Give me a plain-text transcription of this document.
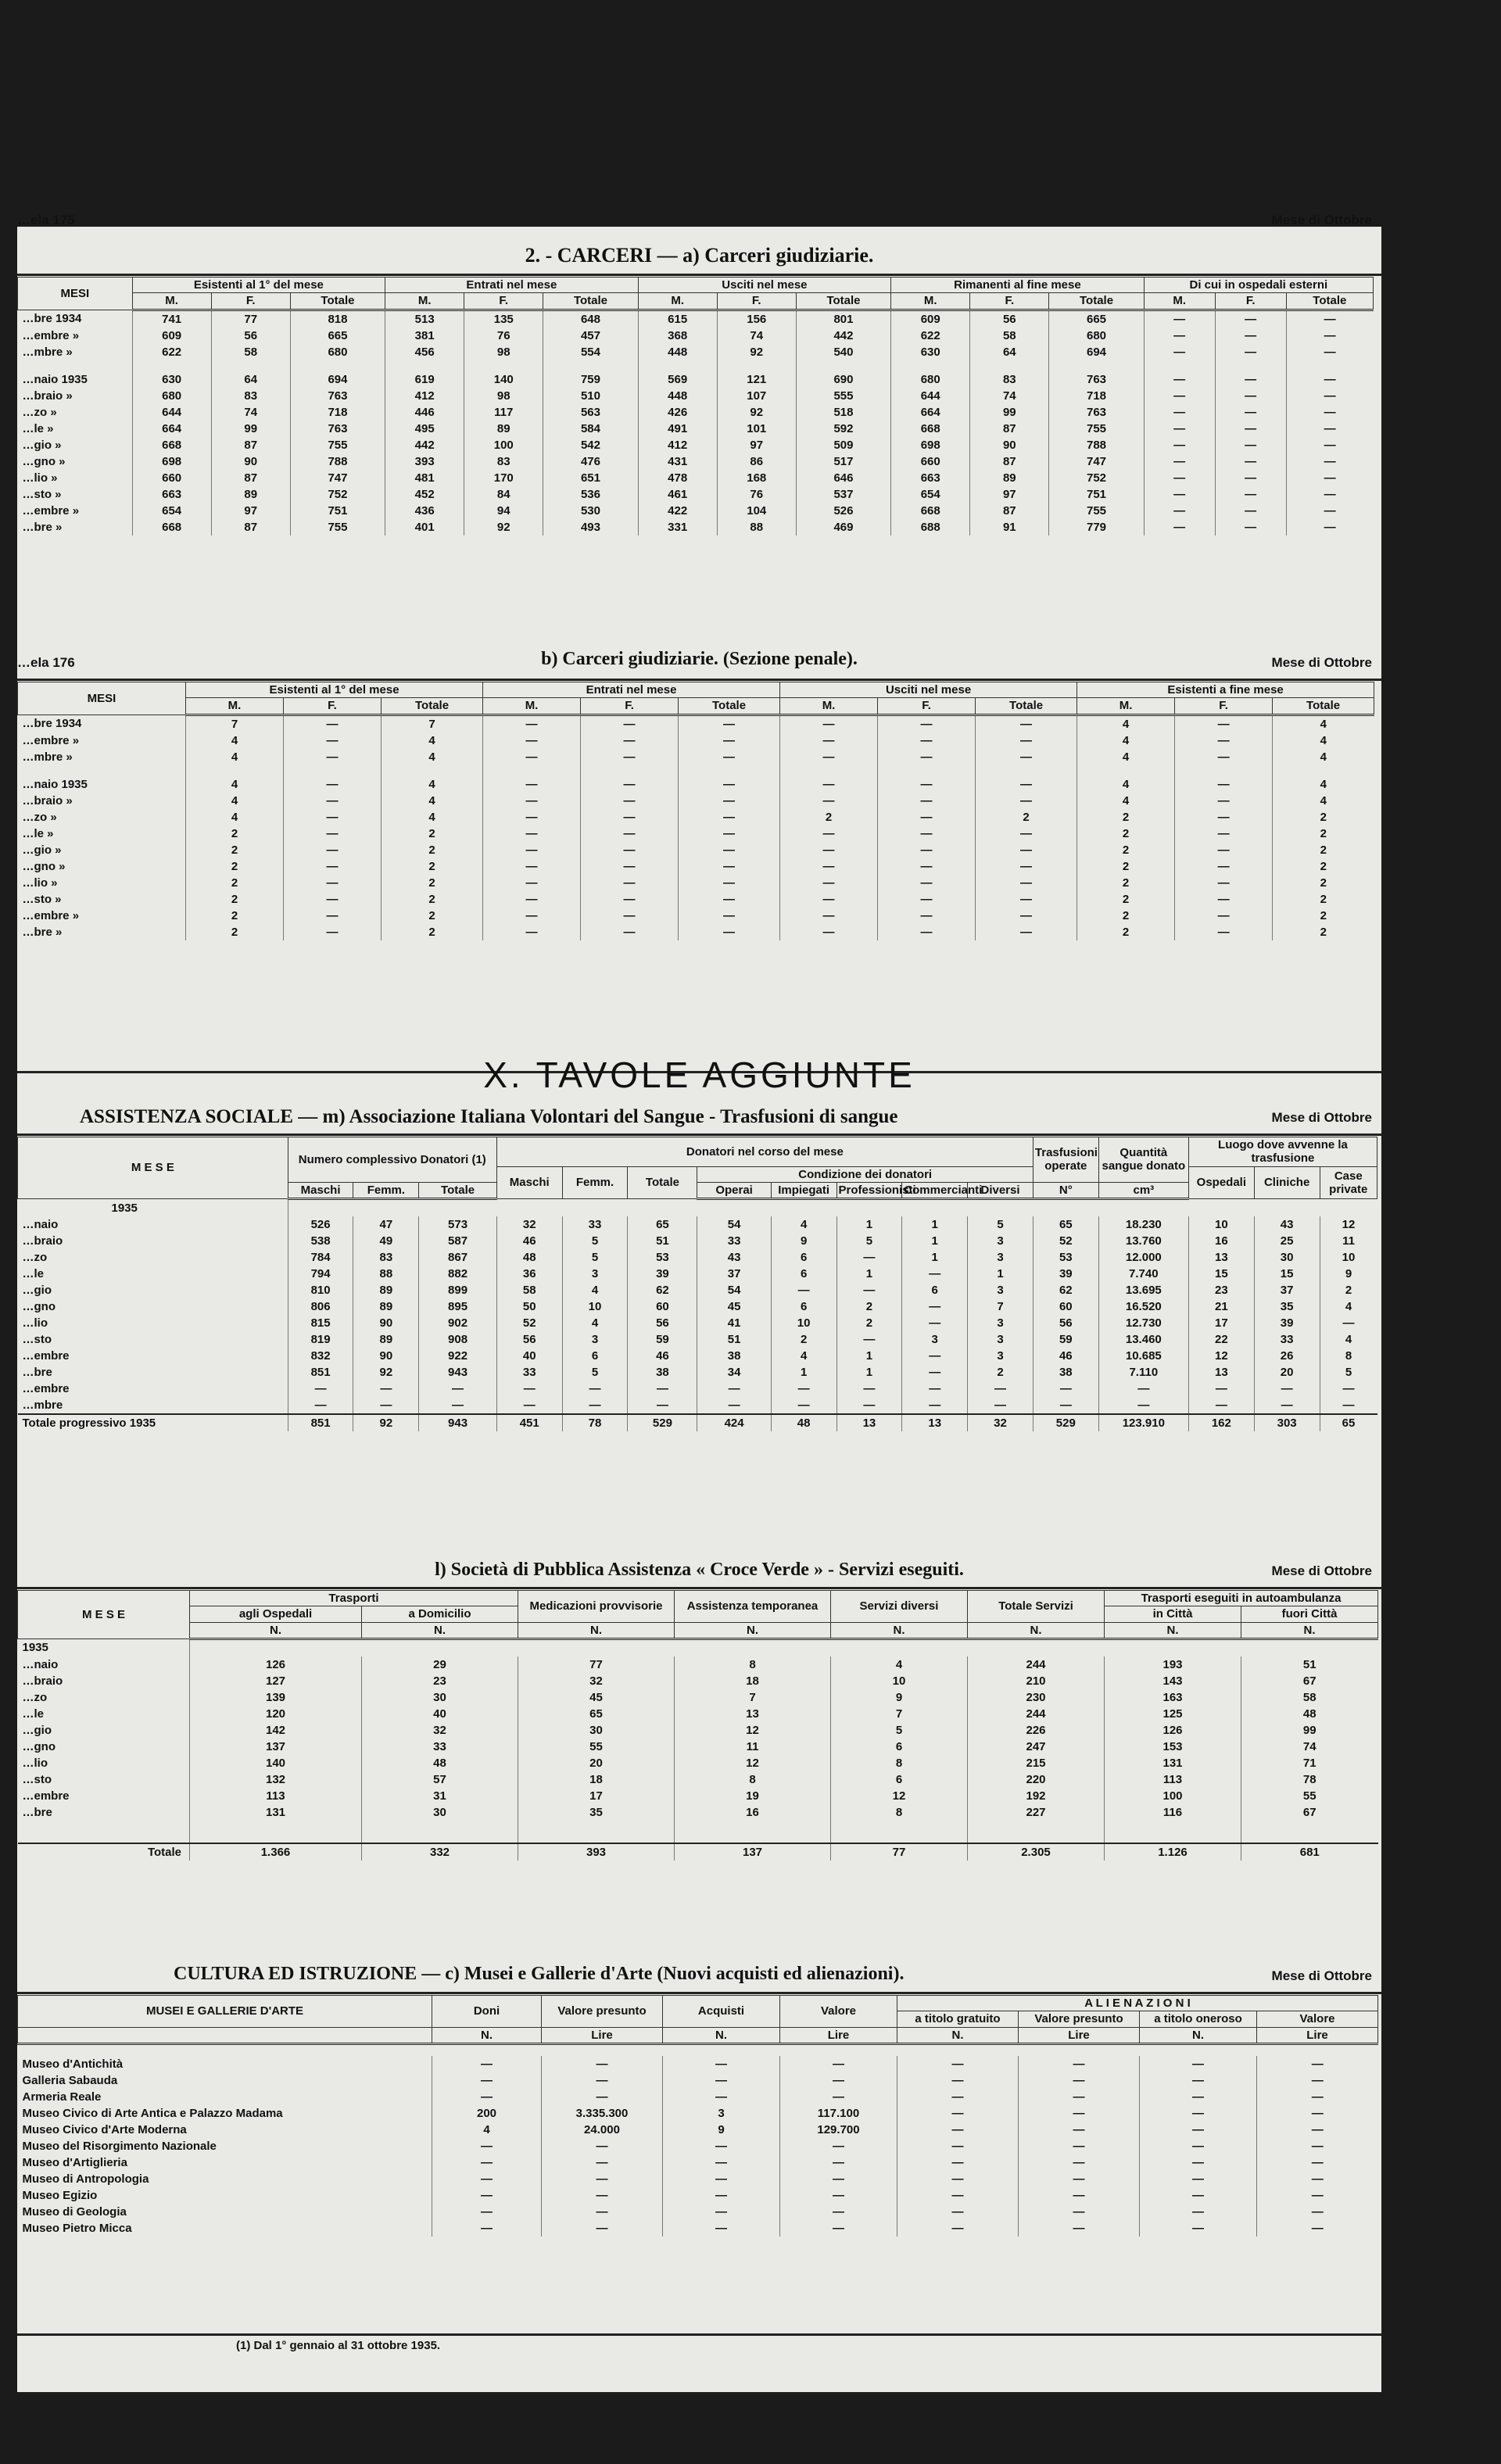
…ela 175	Mese di Ottobre
2. - CARCERI — a) Carceri giudiziarie.
MESI	Esistenti al 1° del mese			Entrati nel mese			Usciti nel mese			Rimanenti al fine mese			Di cui in ospedali esterni		
	M.	F.	Totale	M.	F.	Totale	M.	F.	Totale	M.	F.	Totale	M.	F.	Totale
…bre 1934	741	77	818	513	135	648	615	156	801	609	56	665	—	—	—
…embre »	609	56	665	381	76	457	368	74	442	622	58	680	—	—	—
…mbre »	622	58	680	456	98	554	448	92	540	630	64	694	—	—	—

…naio 1935	630	64	694	619	140	759	569	121	690	680	83	763	—	—	—
…braio »	680	83	763	412	98	510	448	107	555	644	74	718	—	—	—
…zo »	644	74	718	446	117	563	426	92	518	664	99	763	—	—	—
…le »	664	99	763	495	89	584	491	101	592	668	87	755	—	—	—
…gio »	668	87	755	442	100	542	412	97	509	698	90	788	—	—	—
…gno »	698	90	788	393	83	476	431	86	517	660	87	747	—	—	—
…lio »	660	87	747	481	170	651	478	168	646	663	89	752	—	—	—
…sto »	663	89	752	452	84	536	461	76	537	654	97	751	—	—	—
…embre »	654	97	751	436	94	530	422	104	526	668	87	755	—	—	—
…bre »	668	87	755	401	92	493	331	88	469	688	91	779	—	—	—
…ela 176	Mese di Ottobre
b) Carceri giudiziarie. (Sezione penale).
MESI	Esistenti al 1° del mese			Entrati nel mese			Usciti nel mese			Esistenti a fine mese		
	M.	F.	Totale	M.	F.	Totale	M.	F.	Totale	M.	F.	Totale
…bre 1934	7	—	7	—	—	—	—	—	—	4	—	4
…embre »	4	—	4	—	—	—	—	—	—	4	—	4
…mbre »	4	—	4	—	—	—	—	—	—	4	—	4

…naio 1935	4	—	4	—	—	—	—	—	—	4	—	4
…braio »	4	—	4	—	—	—	—	—	—	4	—	4
…zo »	4	—	4	—	—	—	2	—	2	2	—	2
…le »	2	—	2	—	—	—	—	—	—	2	—	2
…gio »	2	—	2	—	—	—	—	—	—	2	—	2
…gno »	2	—	2	—	—	—	—	—	—	2	—	2
…lio »	2	—	2	—	—	—	—	—	—	2	—	2
…sto »	2	—	2	—	—	—	—	—	—	2	—	2
…embre »	2	—	2	—	—	—	—	—	—	2	—	2
…bre »	2	—	2	—	—	—	—	—	—	2	—	2
X. TAVOLE AGGIUNTE
ASSISTENZA SOCIALE — m) Associazione Italiana Volontari del Sangue - Trasfusioni di sangue	Mese di Ottobre
M E S E	Numero complessivo Donatori (1)			Donatori nel corso del mese								Trasfusioni operate	Quantità sangue donato	Luogo dove avvenne la trasfusione		
				Maschi	Femm.	Totale	Condizione dei donatori							Ospedali	Cliniche	Case private
	Maschi	Femm.	Totale				Operai	Impiegati	Professionisti	Commercianti	Diversi	N°	cm³			
1935																
…naio	526	47	573	32	33	65	54	4	1	1	5	65	18.230	10	43	12
…braio	538	49	587	46	5	51	33	9	5	1	3	52	13.760	16	25	11
…zo	784	83	867	48	5	53	43	6	—	1	3	53	12.000	13	30	10
…le	794	88	882	36	3	39	37	6	1	—	1	39	7.740	15	15	9
…gio	810	89	899	58	4	62	54	—	—	6	3	62	13.695	23	37	2
…gno	806	89	895	50	10	60	45	6	2	—	7	60	16.520	21	35	4
…lio	815	90	902	52	4	56	41	10	2	—	3	56	12.730	17	39	—
…sto	819	89	908	56	3	59	51	2	—	3	3	59	13.460	22	33	4
…embre	832	90	922	40	6	46	38	4	1	—	3	46	10.685	12	26	8
…bre	851	92	943	33	5	38	34	1	1	—	2	38	7.110	13	20	5
…embre	—	—	—	—	—	—	—	—	—	—	—	—	—	—	—	—
…mbre	—	—	—	—	—	—	—	—	—	—	—	—	—	—	—	—
Totale progressivo 1935	851	92	943	451	78	529	424	48	13	13	32	529	123.910	162	303	65
l) Società di Pubblica Assistenza « Croce Verde » - Servizi eseguiti.	Mese di Ottobre
M E S E	Trasporti		Medicazioni provvisorie	Assistenza temporanea	Servizi diversi	Totale Servizi	Trasporti eseguiti in autoambulanza	
	agli Ospedali	a Domicilio					in Città	fuori Città
	N.	N.	N.	N.	N.	N.	N.	N.
1935								
…naio	126	29	77	8	4	244	193	51
…braio	127	23	32	18	10	210	143	67
…zo	139	30	45	7	9	230	163	58
…le	120	40	65	13	7	244	125	48
…gio	142	32	30	12	5	226	126	99
…gno	137	33	55	11	6	247	153	74
…lio	140	48	20	12	8	215	131	71
…sto	132	57	18	8	6	220	113	78
…embre	113	31	17	19	12	192	100	55
…bre	131	30	35	16	8	227	116	67

Totale	1.366	332	393	137	77	2.305	1.126	681
CULTURA ED ISTRUZIONE — c) Musei e Gallerie d'Arte (Nuovi acquisti ed alienazioni).	Mese di Ottobre
MUSEI E GALLERIE D'ARTE	Doni	Valore presunto	Acquisti	Valore	A L I E N A Z I O N I			
					a titolo gratuito	Valore presunto	a titolo oneroso	Valore
	N.	Lire	N.	Lire	N.	Lire	N.	Lire

Museo d'Antichità	—	—	—	—	—	—	—	—
Galleria Sabauda	—	—	—	—	—	—	—	—
Armeria Reale	—	—	—	—	—	—	—	—
Museo Civico di Arte Antica e Palazzo Madama	200	3.335.300	3	117.100	—	—	—	—
Museo Civico d'Arte Moderna	4	24.000	9	129.700	—	—	—	—
Museo del Risorgimento Nazionale	—	—	—	—	—	—	—	—
Museo d'Artiglieria	—	—	—	—	—	—	—	—
Museo di Antropologia	—	—	—	—	—	—	—	—
Museo Egizio	—	—	—	—	—	—	—	—
Museo di Geologia	—	—	—	—	—	—	—	—
Museo Pietro Micca	—	—	—	—	—	—	—	—
(1) Dal 1° gennaio al 31 ottobre 1935.
